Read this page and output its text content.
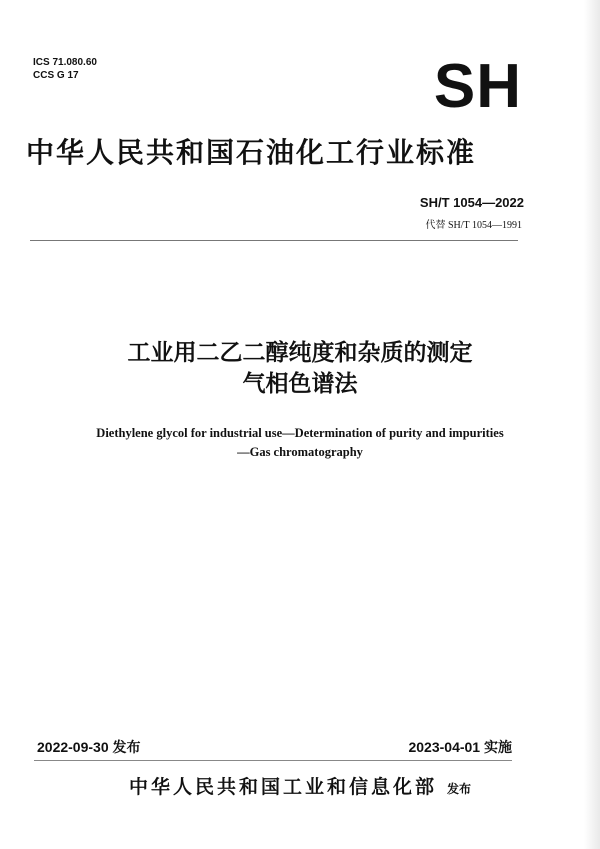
ICS 71.080.60
CCS G 17	SH
中华人民共和国石油化工行业标准
SH/T 1054—2022
代替 SH/T 1054—1991
工业用二乙二醇纯度和杂质的测定
气相色谱法
Diethylene glycol for industrial use—Determination of purity and impurities
—Gas chromatography
2022-09-30 发布	2023-04-01 实施
中华人民共和国工业和信息化部 发布
